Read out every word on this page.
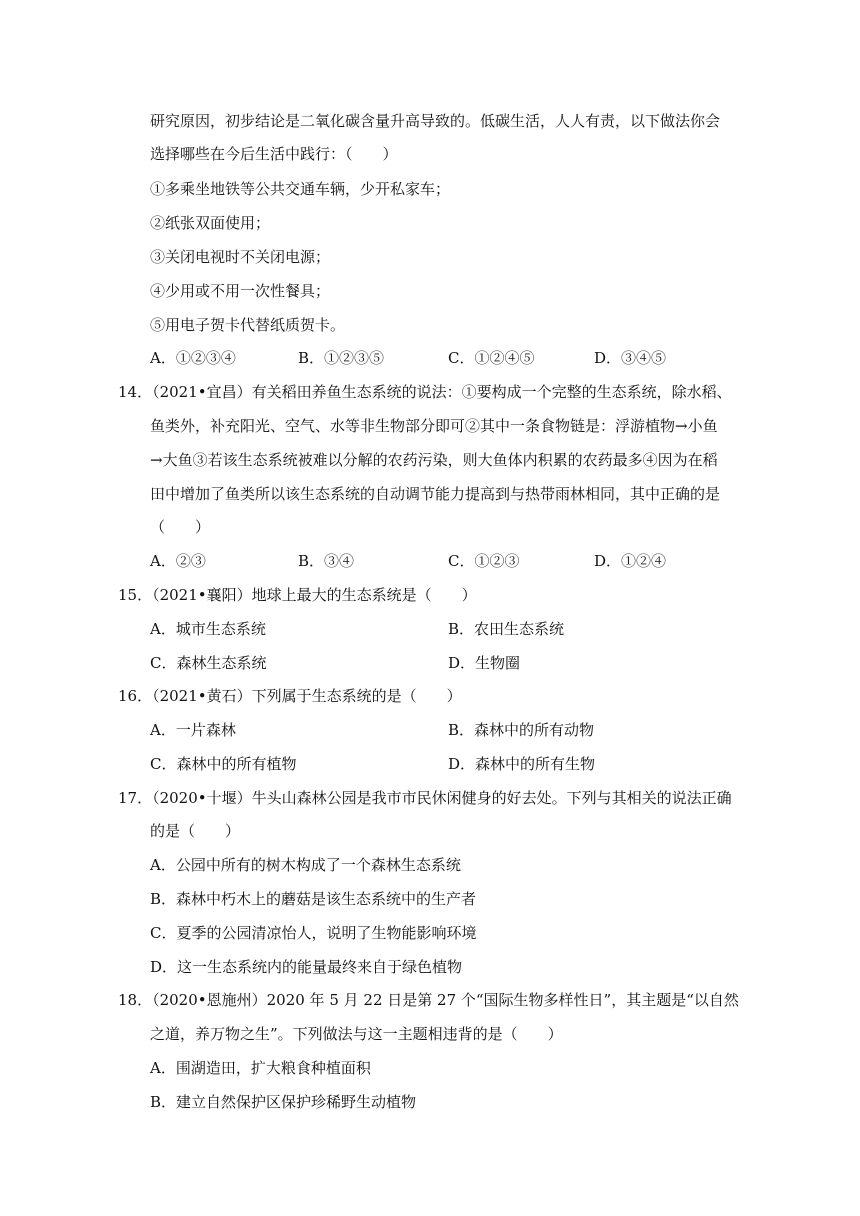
研究原因，初步结论是二氧化碳含量升高导致的。低碳生活，人人有责，以下做法你会
选择哪些在今后生活中践行：（　　）
①多乘坐地铁等公共交通车辆，少开私家车；
②纸张双面使用；
③关闭电视时不关闭电源；
④少用或不用一次性餐具；
⑤用电子贺卡代替纸质贺卡。
A．①②③④	B．①②③⑤	C．①②④⑤	D．③④⑤
14．（2021•宜昌）有关稻田养鱼生态系统的说法：①要构成一个完整的生态系统，除水稻、
鱼类外，补充阳光、空气、水等非生物部分即可②其中一条食物链是：浮游植物→小鱼
→大鱼③若该生态系统被难以分解的农药污染，则大鱼体内积累的农药最多④因为在稻
田中增加了鱼类所以该生态系统的自动调节能力提高到与热带雨林相同，其中正确的是
（　　）
A．②③	B．③④	C．①②③	D．①②④
15．（2021•襄阳）地球上最大的生态系统是（　　）
A．城市生态系统	B．农田生态系统
C．森林生态系统	D．生物圈
16．（2021•黄石）下列属于生态系统的是（　　）
A．一片森林	B．森林中的所有动物
C．森林中的所有植物	D．森林中的所有生物
17．（2020•十堰）牛头山森林公园是我市市民休闲健身的好去处。下列与其相关的说法正确
的是（　　）
A．公园中所有的树木构成了一个森林生态系统
B．森林中朽木上的蘑菇是该生态系统中的生产者
C．夏季的公园清凉怡人，说明了生物能影响环境
D．这一生态系统内的能量最终来自于绿色植物
18．（2020•恩施州）2020 年 5 月 22 日是第 27 个“国际生物多样性日”，其主题是“以自然
之道，养万物之生”。下列做法与这一主题相违背的是（　　）
A．围湖造田，扩大粮食种植面积
B．建立自然保护区保护珍稀野生动植物
